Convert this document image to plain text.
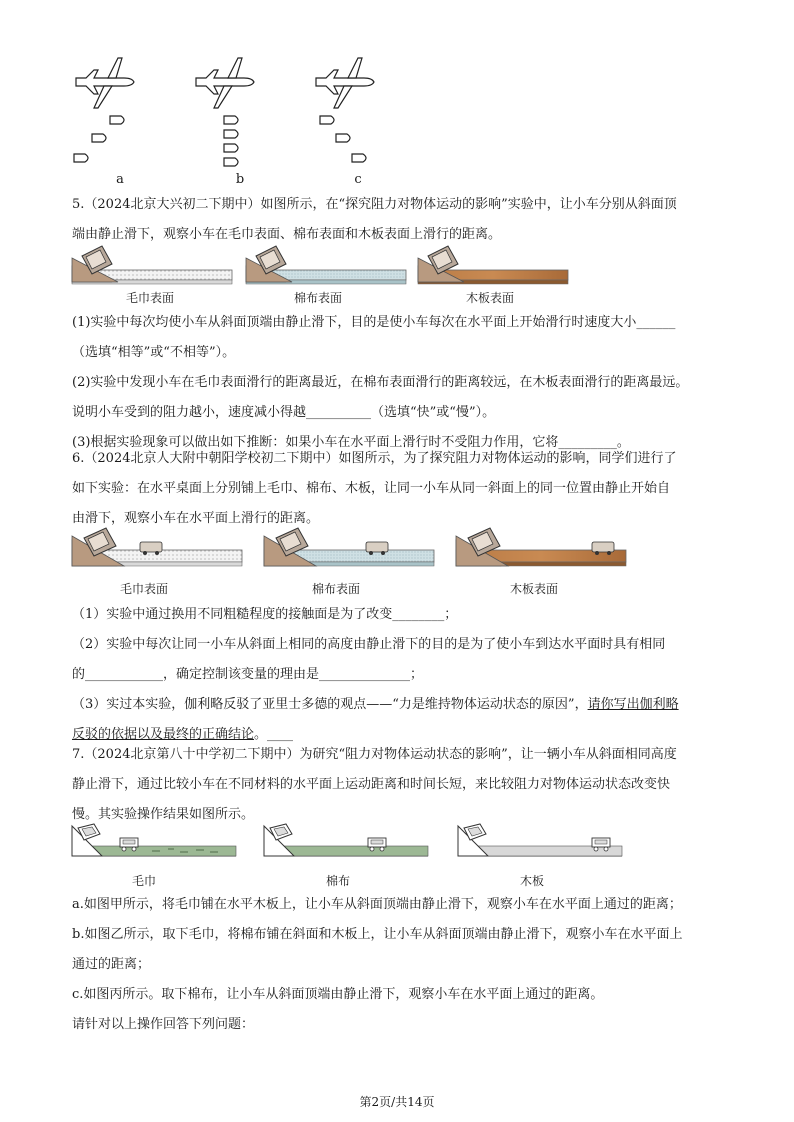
a	b	c
5.（2024北京大兴初二下期中）如图所示，在“探究阻力对物体运动的影响”实验中，让小车分别从斜面顶
端由静止滑下，观察小车在毛巾表面、棉布表面和木板表面上滑行的距离。
毛巾表面	棉布表面	木板表面
(1)实验中每次均使小车从斜面顶端由静止滑下，目的是使小车每次在水平面上开始滑行时速度大小______
（选填“相等”或“不相等”）。
(2)实验中发现小车在毛巾表面滑行的距离最近，在棉布表面滑行的距离较远，在木板表面滑行的距离最远。
说明小车受到的阻力越小，速度减小得越__________（选填“快”或“慢”）。
(3)根据实验现象可以做出如下推断：如果小车在水平面上滑行时不受阻力作用，它将_________。
6.（2024北京人大附中朝阳学校初二下期中）如图所示，为了探究阻力对物体运动的影响，同学们进行了
如下实验：在水平桌面上分别铺上毛巾、棉布、木板，让同一小车从同一斜面上的同一位置由静止开始自
由滑下，观察小车在水平面上滑行的距离。
毛巾表面	棉布表面	木板表面
（1）实验中通过换用不同粗糙程度的接触面是为了改变________；
（2）实验中每次让同一小车从斜面上相同的高度由静止滑下的目的是为了使小车到达水平面时具有相同
的____________，确定控制该变量的理由是______________；
（3）实过本实验，伽利略反驳了亚里士多德的观点——“力是维持物体运动状态的原因”，请你写出伽利略
反驳的依据以及最终的正确结论。____
7.（2024北京第八十中学初二下期中）为研究“阻力对物体运动状态的影响”，让一辆小车从斜面相同高度
静止滑下，通过比较小车在不同材料的水平面上运动距离和时间长短，来比较阻力对物体运动状态改变快
慢。其实验操作结果如图所示。
毛巾	棉布	木板
a.如图甲所示，将毛巾铺在水平木板上，让小车从斜面顶端由静止滑下，观察小车在水平面上通过的距离；
b.如图乙所示，取下毛巾，将棉布铺在斜面和木板上，让小车从斜面顶端由静止滑下，观察小车在水平面上
通过的距离；
c.如图丙所示。取下棉布，让小车从斜面顶端由静止滑下，观察小车在水平面上通过的距离。
请针对以上操作回答下列问题：
第2页/共14页
